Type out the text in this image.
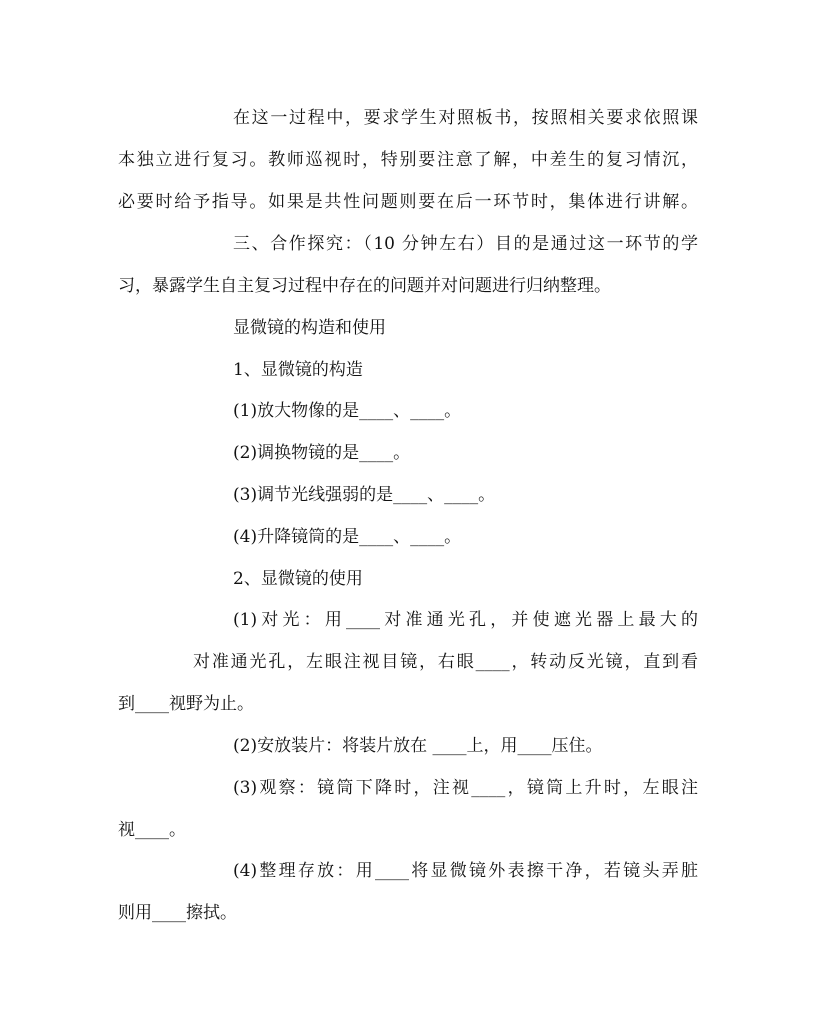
在这一过程中，要求学生对照板书，按照相关要求依照课
本独立进行复习。教师巡视时，特别要注意了解，中差生的复习情沉，
必要时给予指导。如果是共性问题则要在后一环节时，集体进行讲解。
三、合作探究：（10 分钟左右）目的是通过这一环节的学
习，暴露学生自主复习过程中存在的问题并对问题进行归纳整理。
显微镜的构造和使用
1、显微镜的构造
(1)放大物像的是____、____。
(2)调换物镜的是____。
(3)调节光线强弱的是____、____。
(4)升降镜筒的是____、____。
2、显微镜的使用
(1)对光：用____对准通光孔，并使遮光器上最大的
对准通光孔，左眼注视目镜，右眼____，转动反光镜，直到看
到____视野为止。
(2)安放装片：将装片放在 ____上，用____压住。
(3)观察：镜筒下降时，注视____，镜筒上升时，左眼注
视____。
(4)整理存放：用____将显微镜外表擦干净，若镜头弄脏
则用____擦拭。
